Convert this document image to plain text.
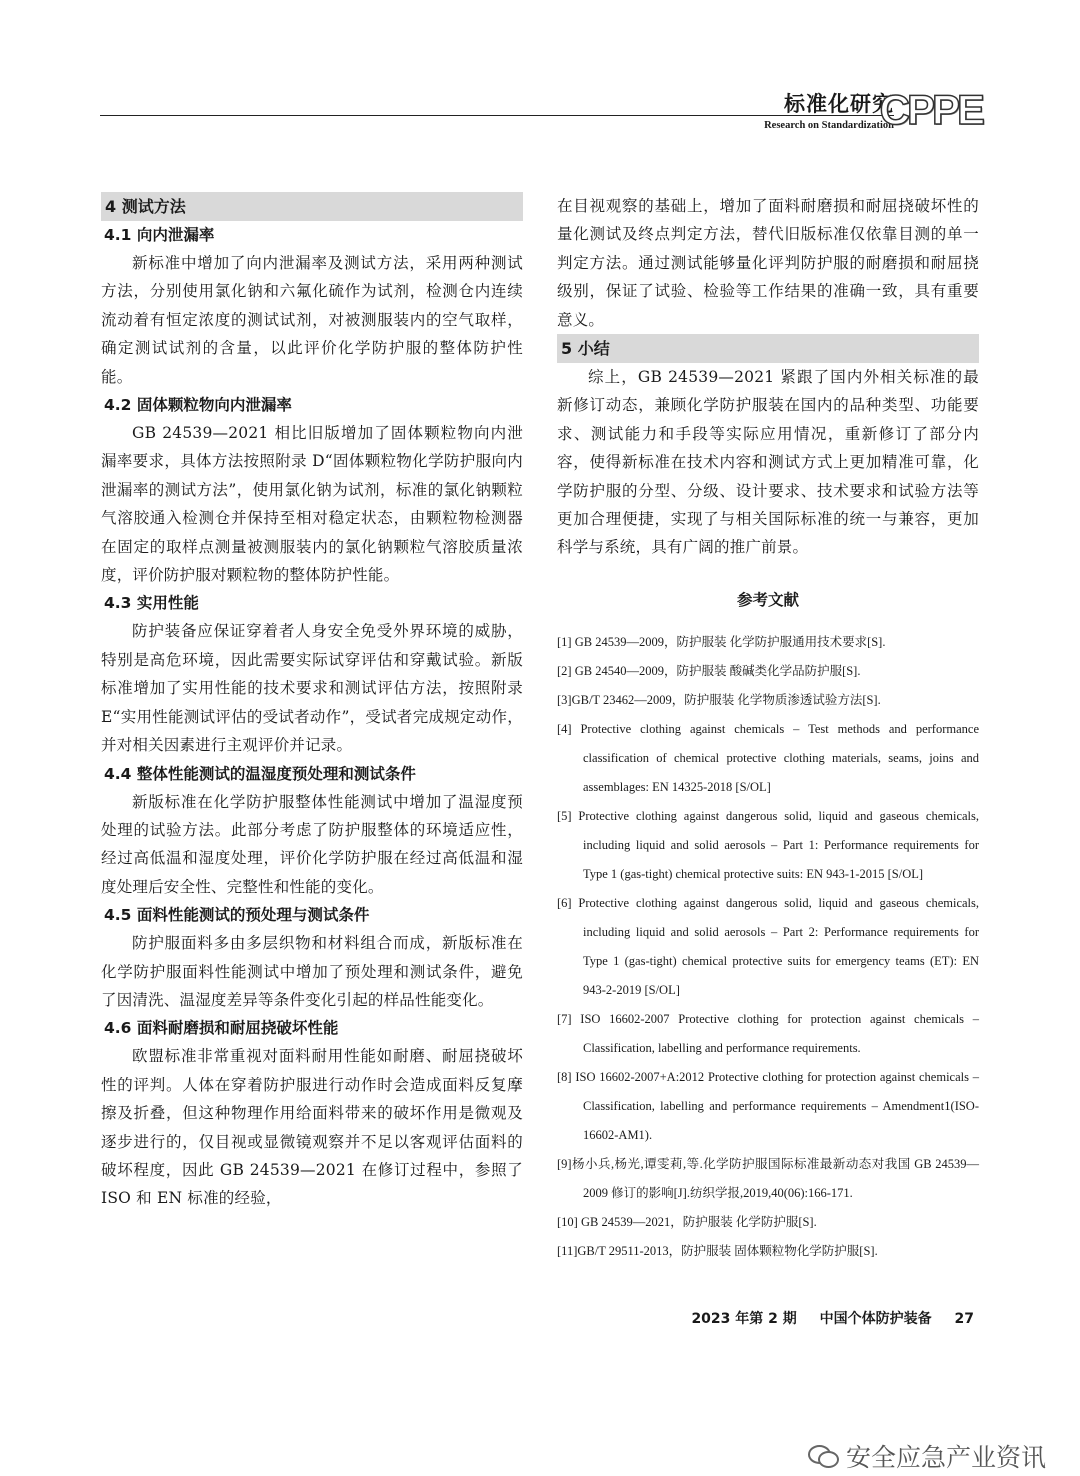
标准化研究
Research on Standardization
CPPE
4 测试方法
4.1 向内泄漏率

新标准中增加了向内泄漏率及测试方法，采用两种测试方法，分别使用氯化钠和六氟化硫作为试剂，检测仓内连续流动着有恒定浓度的测试试剂，对被测服装内的空气取样，确定测试试剂的含量，以此评价化学防护服的整体防护性能。

4.2 固体颗粒物向内泄漏率

GB 24539—2021 相比旧版增加了固体颗粒物向内泄漏率要求，具体方法按照附录 D“固体颗粒物化学防护服向内泄漏率的测试方法”，使用氯化钠为试剂，标准的氯化钠颗粒气溶胶通入检测仓并保持至相对稳定状态，由颗粒物检测器在固定的取样点测量被测服装内的氯化钠颗粒气溶胶质量浓度，评价防护服对颗粒物的整体防护性能。

4.3 实用性能

防护装备应保证穿着者人身安全免受外界环境的威胁，特别是高危环境，因此需要实际试穿评估和穿戴试验。新版标准增加了实用性能的技术要求和测试评估方法，按照附录 E“实用性能测试评估的受试者动作”，受试者完成规定动作，并对相关因素进行主观评价并记录。

4.4 整体性能测试的温湿度预处理和测试条件

新版标准在化学防护服整体性能测试中增加了温湿度预处理的试验方法。此部分考虑了防护服整体的环境适应性，经过高低温和湿度处理，评价化学防护服在经过高低温和湿度处理后安全性、完整性和性能的变化。

4.5 面料性能测试的预处理与测试条件

防护服面料多由多层织物和材料组合而成，新版标准在化学防护服面料性能测试中增加了预处理和测试条件，避免了因清洗、温湿度差异等条件变化引起的样品性能变化。

4.6 面料耐磨损和耐屈挠破坏性能

欧盟标准非常重视对面料耐用性能如耐磨、耐屈挠破坏性的评判。人体在穿着防护服进行动作时会造成面料反复摩擦及折叠，但这种物理作用给面料带来的破坏作用是微观及逐步进行的，仅目视或显微镜观察并不足以客观评估面料的破坏程度，因此 GB 24539—2021 在修订过程中，参照了 ISO 和 EN 标准的经验，

在目视观察的基础上，增加了面料耐磨损和耐屈挠破坏性的量化测试及终点判定方法，替代旧版标准仅依靠目测的单一判定方法。通过测试能够量化评判防护服的耐磨损和耐屈挠级别，保证了试验、检验等工作结果的准确一致，具有重要意义。

5 小结

综上，GB 24539—2021 紧跟了国内外相关标准的最新修订动态，兼顾化学防护服装在国内的品种类型、功能要求、测试能力和手段等实际应用情况，重新修订了部分内容，使得新标准在技术内容和测试方式上更加精准可靠，化学防护服的分型、分级、设计要求、技术要求和试验方法等更加合理便捷，实现了与相关国际标准的统一与兼容，更加科学与系统，具有广阔的推广前景。

参考文献

[1] GB 24539—2009，防护服装 化学防护服通用技术要求[S].

[2] GB 24540—2009，防护服装 酸碱类化学品防护服[S].

[3]GB/T 23462—2009，防护服装 化学物质渗透试验方法[S].

[4] Protective clothing against chemicals – Test methods and performance classification of chemical protective clothing materials, seams, joins and assemblages: EN 14325-2018 [S/OL]

[5] Protective clothing against dangerous solid, liquid and gaseous chemicals, including liquid and solid aerosols – Part 1: Performance requirements for Type 1 (gas-tight) chemical protective suits: EN 943-1-2015 [S/OL]

[6] Protective clothing against dangerous solid, liquid and gaseous chemicals, including liquid and solid aerosols – Part 2: Performance requirements for Type 1 (gas-tight) chemical protective suits for emergency teams (ET): EN 943-2-2019 [S/OL]

[7] ISO 16602-2007 Protective clothing for protection against chemicals – Classification, labelling and performance requirements.

[8] ISO 16602-2007+A:2012 Protective clothing for protection against chemicals –Classification, labelling and performance requirements – Amendment1(ISO-16602-AM1).

[9]杨小兵,杨光,谭雯莉,等.化学防护服国际标准最新动态对我国 GB 24539—2009 修订的影响[J].纺织学报,2019,40(06):166-171.

[10] GB 24539—2021，防护服装 化学防护服[S].

[11]GB/T 29511-2013，防护服装 固体颗粒物化学防护服[S].

2023 年第 2 期 中国个体防护装备 27
安全应急产业资讯
